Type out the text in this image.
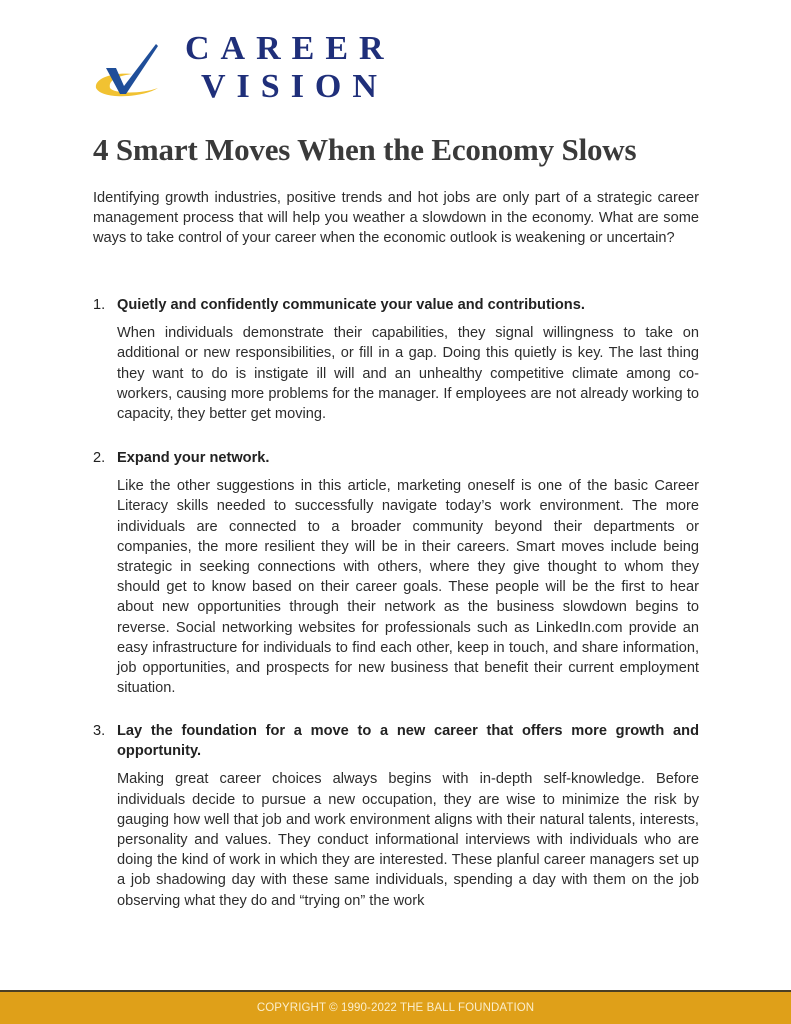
CAREER
VISION
4 Smart Moves When the Economy Slows

Identifying growth industries, positive trends and hot jobs are only part of a strategic career management process that will help you weather a slowdown in the economy. What are some ways to take control of your career when the economic outlook is weakening or uncertain?

1. Quietly and confidently communicate your value and contributions.

When individuals demonstrate their capabilities, they signal willingness to take on additional or new responsibilities, or fill in a gap. Doing this quietly is key. The last thing they want to do is instigate ill will and an unhealthy competitive climate among co-workers, causing more problems for the manager. If employees are not already working to capacity, they better get moving.

2. Expand your network.

Like the other suggestions in this article, marketing oneself is one of the basic Career Literacy skills needed to successfully navigate today’s work environment. The more individuals are connected to a broader community beyond their departments or companies, the more resilient they will be in their careers. Smart moves include being strategic in seeking connections with others, where they give thought to whom they should get to know based on their career goals. These people will be the first to hear about new opportunities through their network as the business slowdown begins to reverse. Social networking websites for professionals such as LinkedIn.com provide an easy infrastructure for individuals to find each other, keep in touch, and share information, job opportunities, and prospects for new business that benefit their current employment situation.

3. Lay the foundation for a move to a new career that offers more growth and opportunity.

Making great career choices always begins with in-depth self-knowledge. Before individuals decide to pursue a new occupation, they are wise to minimize the risk by gauging how well that job and work environment aligns with their natural talents, interests, personality and values. They conduct informational interviews with individuals who are doing the kind of work in which they are interested. These planful career managers set up a job shadowing day with these same individuals, spending a day with them on the job observing what they do and “trying on” the work

COPYRIGHT © 1990-2022 THE BALL FOUNDATION
